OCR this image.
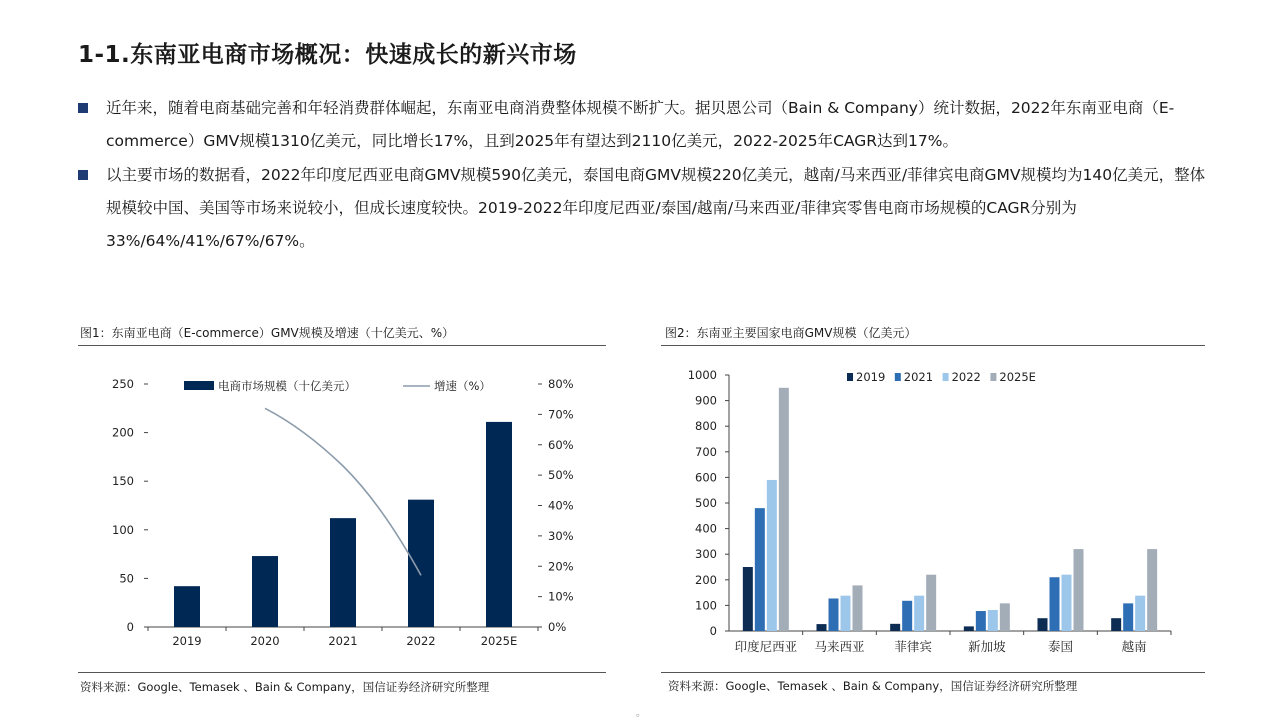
1-1.东南亚电商市场概况：快速成长的新兴市场
近年来，随着电商基础完善和年轻消费群体崛起，东南亚电商消费整体规模不断扩大。据贝恩公司（Bain & Company）统计数据，2022年东南亚电商（E-commerce）GMV规模1310亿美元，同比增长17%，且到2025年有望达到2110亿美元，2022-2025年CAGR达到17%。
以主要市场的数据看，2022年印度尼西亚电商GMV规模590亿美元，泰国电商GMV规模220亿美元，越南/马来西亚/菲律宾电商GMV规模均为140亿美元，整体规模较中国、美国等市场来说较小，但成长速度较快。2019-2022年印度尼西亚/泰国/越南/马来西亚/菲律宾零售电商市场规模的CAGR分别为33%/64%/41%/67%/67%。
图1：东南亚电商（E-commerce）GMV规模及增速（十亿美元、%）
0
50
100
150
200
250
0%
10%
20%
30%
40%
50%
60%
70%
80%
2019	2020	2021	2022	2025E
电商市场规模（十亿美元）	增速（%）
资料来源：Google、Temasek 、Bain & Company，国信证券经济研究所整理
图2：东南亚主要国家电商GMV规模（亿美元）
0
100
200
300
400
500
600
700
800
900
1000
印度尼西亚 马来西亚 菲律宾	新加坡	泰国	越南
2019 2021 2022 2025E
资料来源：Google、Temasek 、Bain & Company，国信证券经济研究所整理
。
